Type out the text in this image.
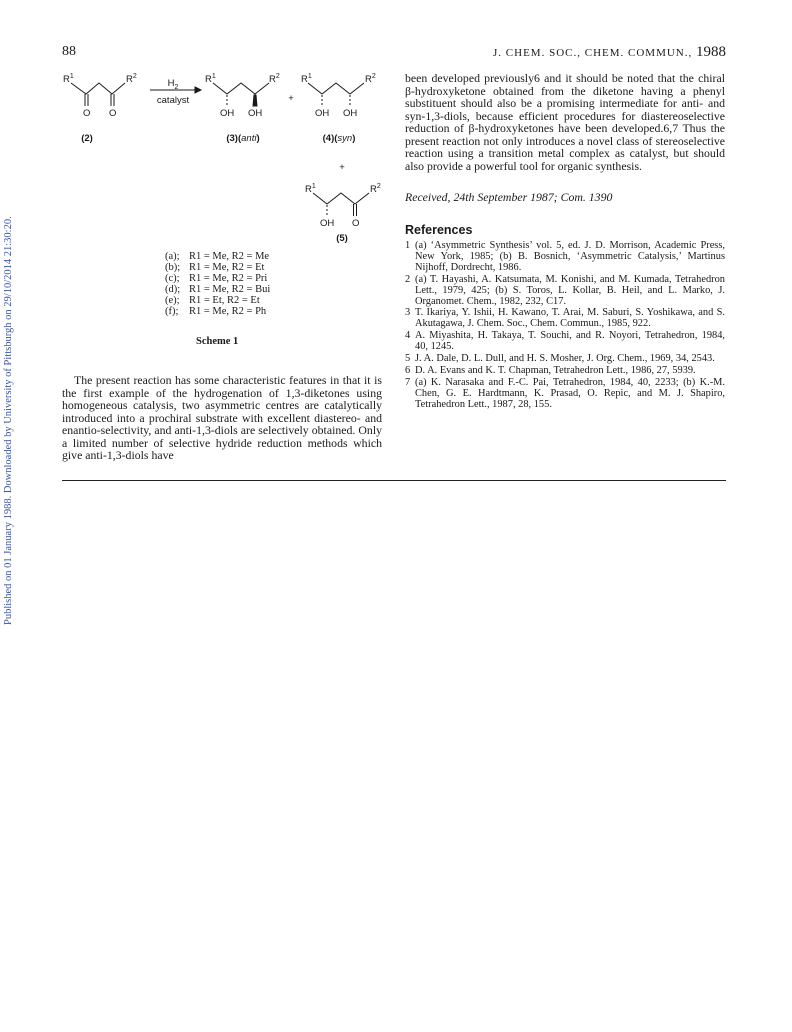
Published on 01 January 1988. Downloaded by University of Pittsburgh on 29/10/2014 21:30:20.
88	J. CHEM. SOC., CHEM. COMMUN., 1988
$R^1$	$R^2$
O O
(2)
$H_2$
catalyst
$R^1$	$R^2$
OH OH
(3)(anti)
+
$R^1$	$R^2$
OH OH
(4)(syn)
+
$R^1$	$R^2$
OH O
(5)
(a); R1 = Me, R2 = Me
(b); R1 = Me, R2 = Et
(c); R1 = Me, R2 = Pri
(d); R1 = Me, R2 = Bui
(e); R1 = Et, R2 = Et
(f); R1 = Me, R2 = Ph
Scheme 1

The present reaction has some characteristic features in that it is the first example of the hydrogenation of 1,3-diketones using homogeneous catalysis, two asymmetric centres are catalytically introduced into a prochiral substrate with excellent diastereo- and enantio-selectivity, and anti-1,3-diols are selectively obtained. Only a limited number of selective hydride reduction methods which give anti-1,3-diols have

been developed previously6 and it should be noted that the chiral β-hydroxyketone obtained from the diketone having a phenyl substituent should also be a promising intermediate for anti- and syn-1,3-diols, because efficient procedures for diastereoselective reduction of β-hydroxyketones have been developed.6,7 Thus the present reaction not only introduces a novel class of stereoselective reaction using a transition metal complex as catalyst, but should also provide a powerful tool for organic synthesis.

Received, 24th September 1987; Com. 1390
References
1 (a) ‘Asymmetric Synthesis’ vol. 5, ed. J. D. Morrison, Academic Press, New York, 1985; (b) B. Bosnich, ‘Asymmetric Catalysis,’ Martinus Nijhoff, Dordrecht, 1986.
2 (a) T. Hayashi, A. Katsumata, M. Konishi, and M. Kumada, Tetrahedron Lett., 1979, 425; (b) S. Toros, L. Kollar, B. Heil, and L. Marko, J. Organomet. Chem., 1982, 232, C17.
3 T. Ikariya, Y. Ishii, H. Kawano, T. Arai, M. Saburi, S. Yoshikawa, and S. Akutagawa, J. Chem. Soc., Chem. Commun., 1985, 922.
4 A. Miyashita, H. Takaya, T. Souchi, and R. Noyori, Tetrahedron, 1984, 40, 1245.
5 J. A. Dale, D. L. Dull, and H. S. Mosher, J. Org. Chem., 1969, 34, 2543.
6 D. A. Evans and K. T. Chapman, Tetrahedron Lett., 1986, 27, 5939.
7 (a) K. Narasaka and F.-C. Pai, Tetrahedron, 1984, 40, 2233; (b) K.-M. Chen, G. E. Hardtmann, K. Prasad, O. Repic, and M. J. Shapiro, Tetrahedron Lett., 1987, 28, 155.
